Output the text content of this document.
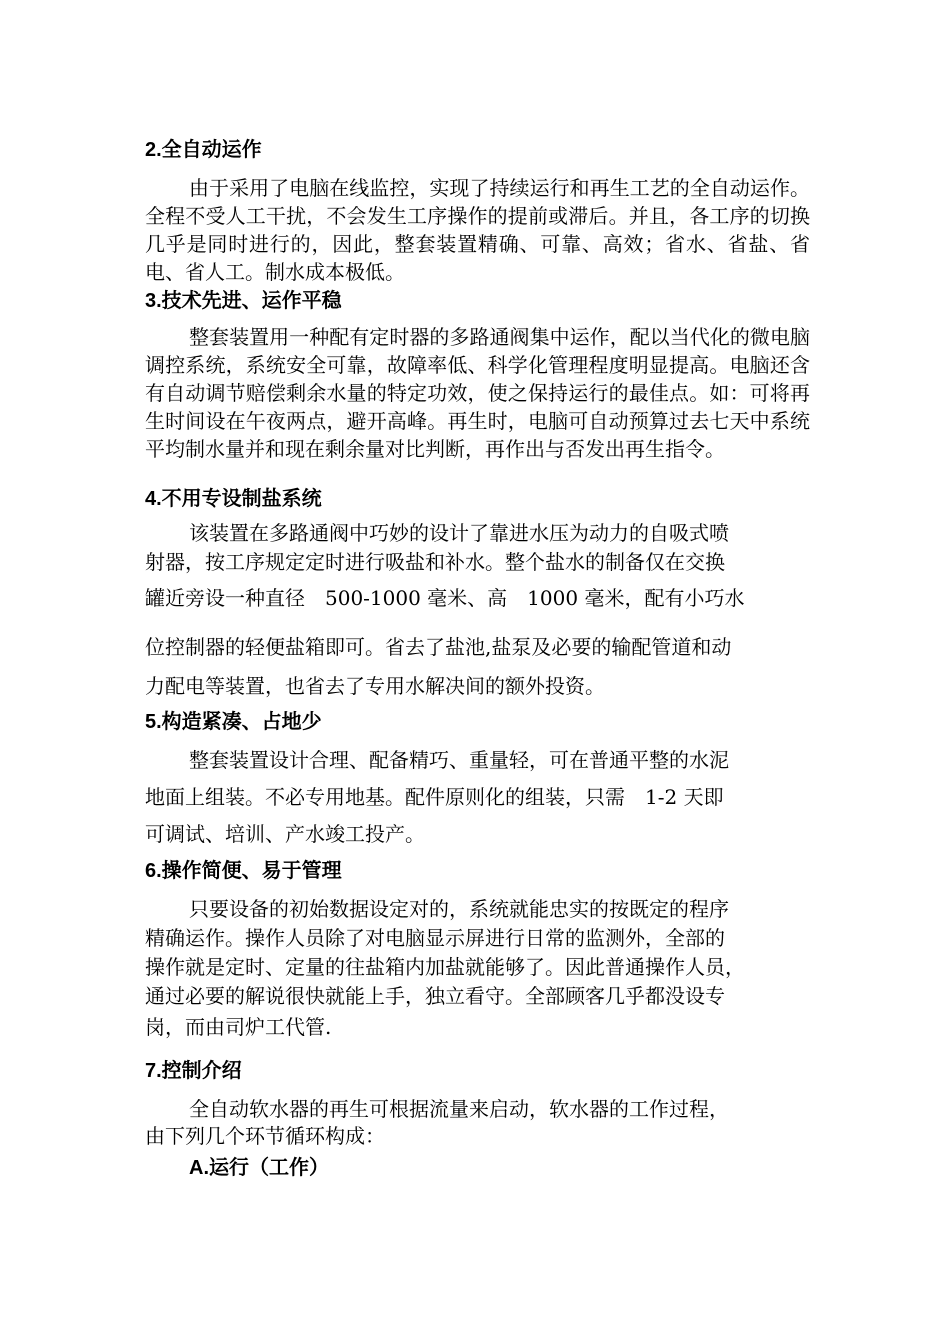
2.全自动运作

由于采用了电脑在线监控，实现了持续运行和再生工艺的全自动运作。全程不受人工干扰，不会发生工序操作的提前或滞后。并且，各工序的切换几乎是同时进行的，因此，整套装置精确、可靠、高效；省水、省盐、省电、省人工。制水成本极低。

3.技术先进、运作平稳

整套装置用一种配有定时器的多路通阀集中运作，配以当代化的微电脑调控系统，系统安全可靠，故障率低、科学化管理程度明显提高。电脑还含有自动调节赔偿剩余水量的特定功效，使之保持运行的最佳点。如：可将再生时间设在午夜两点，避开高峰。再生时，电脑可自动预算过去七天中系统平均制水量并和现在剩余量对比判断，再作出与否发出再生指令。

4.不用专设制盐系统
该装置在多路通阀中巧妙的设计了靠进水压为动力的自吸式喷
射器，按工序规定定时进行吸盐和补水。整个盐水的制备仅在交换
罐近旁设一种直径　500-1000 毫米、高　1000 毫米，配有小巧水
位控制器的轻便盐箱即可。省去了盐池,盐泵及必要的输配管道和动
力配电等装置，也省去了专用水解决间的额外投资。
5.构造紧凑、占地少
整套装置设计合理、配备精巧、重量轻，可在普通平整的水泥
地面上组装。不必专用地基。配件原则化的组装，只需　1-2 天即
可调试、培训、产水竣工投产。
6.操作简便、易于管理
只要设备的初始数据设定对的，系统就能忠实的按既定的程序
精确运作。操作人员除了对电脑显示屏进行日常的监测外，全部的
操作就是定时、定量的往盐箱内加盐就能够了。因此普通操作人员，
通过必要的解说很快就能上手，独立看守。全部顾客几乎都没设专
岗，而由司炉工代管.
7.控制介绍
全自动软水器的再生可根据流量来启动，软水器的工作过程，
由下列几个环节循环构成：
A.运行（工作）
